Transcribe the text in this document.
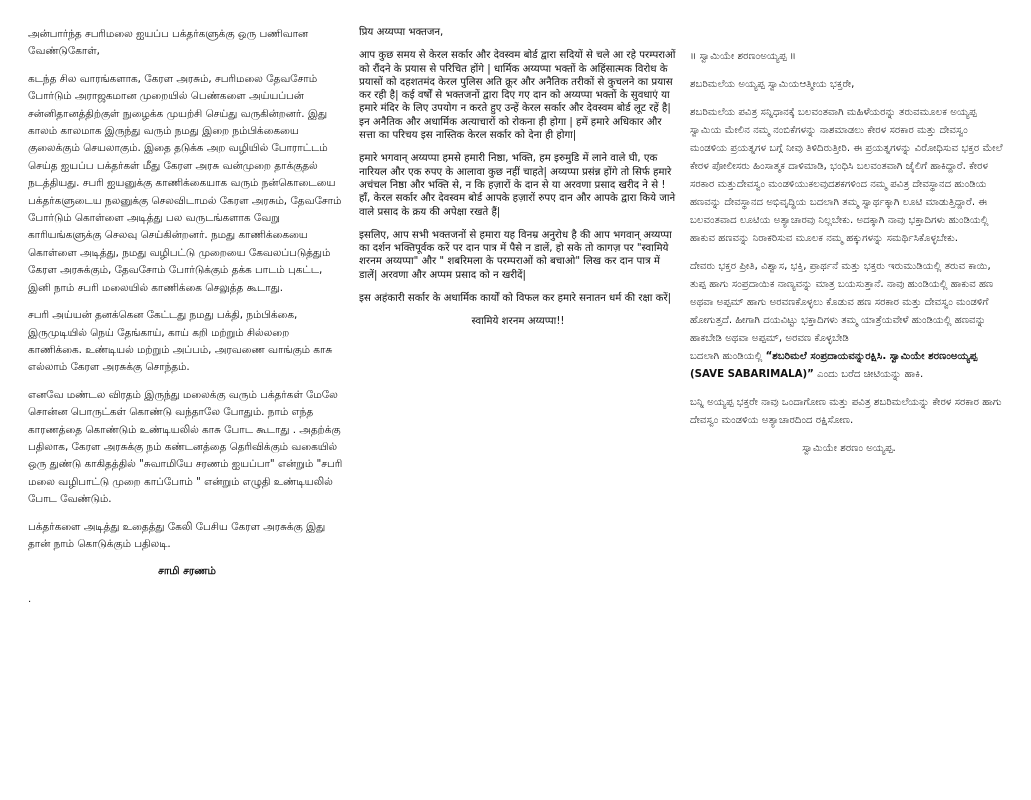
அன்பார்ந்த சபரிமலை ஐயப்ப பக்தர்களுக்கு ஒரு பணிவான வேண்டுகோள்,

கடந்த சில வாரங்களாக, கேரள அரசும், சபரிமலை தேவசோம் போர்டும் அராஜகமான முறையில் பெண்களை அய்யப்பன் சன்னிதானத்திற்குள் நுழைக்க முயற்சி செய்து வருகின்றனர். இது காலம் காலமாக இருந்து வரும் நமது இறை நம்பிக்கையை குலைக்கும் செயலாகும். இதை தடுக்க அற வழியில் போராட்டம் செய்த ஐயப்ப பக்தர்கள் மீது கேரள அரசு வன்முறை தாக்குதல் நடத்தியது. சபரி ஐயனுக்கு காணிக்கையாக வரும் நன்கொடையை பக்தர்களுடைய நலனுக்கு செலவிடாமல் கேரள அரசும், தேவசோம் போர்டும் கொள்ளை அடித்து பல வருடங்களாக வேறு காரியங்களுக்கு செலவு செய்கின்றனர். நமது காணிக்கையை கொள்ளை அடித்து, நமது வழிபட்டு முறையை கேவலப்படுத்தும் கேரள அரசுக்கும், தேவசோம் போர்டுக்கும் தக்க பாடம் புகட்ட, இனி நாம் சபரி மலையில் காணிக்கை செலுத்த கூடாது.

சபரி அய்யன் தனக்கென கேட்டது நமது பக்தி, நம்பிக்கை, இருமுடியில் நெய் தேங்காய், காய் கறி மற்றும் சில்லறை காணிக்கை. உண்டியல் மற்றும் அப்பம், அரவணை வாங்கும் காசு எல்லாம் கேரள அரசுக்கு சொந்தம்.

எனவே மண்டல விரதம் இருந்து மலைக்கு வரும் பக்தர்கள் மேலே சொன்ன பொருட்கள் கொண்டு வந்தாலே போதும். நாம் எந்த காரணத்தை கொண்டும் உண்டியலில் காசு போட கூடாது . அதற்க்கு பதிலாக, கேரள அரசுக்கு நம் கண்டனத்தை தெரிவிக்கும் வகையில் ஒரு துண்டு காகிதத்தில் "சுவாமியே சரணம் ஐயப்பா" என்றும் "சபரி மலை வழிபாட்டு முறை காப்போம் " என்றும் எழுதி உண்டியலில் போட வேண்டும்.

பக்தர்களை அடித்து உதைத்து கேலி பேசிய கேரள அரசுக்கு இது தான் நாம் கொடுக்கும் பதிலடி.

சாமி சரணம்

.

प्रिय अय्यप्पा भक्तजन,

आप कुछ समय से केरल सर्कार और देवस्वम बोर्ड द्वारा सदियों से चले आ रहे परम्पराओं को रौंदने के प्रयास से परिचित होंगे | धार्मिक अय्यप्पा भक्तों के अहिंसात्मक विरोध के प्रयासों को दहशतमंद केरल पुलिस अति क्रूर और अनैतिक तरीकों से कुचलने का प्रयास कर रही है| कई वर्षों से भक्तजनों द्वारा दिए गए दान को अय्यप्पा भक्तों के सुवधाएं या हमारे मंदिर के लिए उपयोग न करते हुए उन्हें केरल सर्कार और देवस्वम बोर्ड लूट रहें है| इन अनैतिक और अधार्मिक अत्याचारों को रोकना ही होगा | हमें हमारे अधिकार और सत्ता का परिचय इस नास्तिक केरल सर्कार को देना ही होगा|

हमारे भगवान् अय्यप्पा हमसे हमारी निष्ठा, भक्ति, हम इरुमुडि में लाने वाले घी, एक नारियल और एक रुपए के आलावा कुछ नहीं चाहते| अय्यप्पा प्रसंन्न होंगे तो सिर्फ हमारे अचंचल निष्ठा और भक्ति से, न कि हज़ारों के दान से या अरवणा प्रसाद खरीद ने से ! हाँ, केरल सर्कार और देवस्वम बोर्ड आपके हज़ारों रुपए दान और आपके द्वारा किये जाने वाले प्रसाद के क्रय की अपेक्षा रखते हैं|

इसलिए, आप सभी भक्तजनों से हमारा यह विनम्र अनुरोध है की आप भगवान् अय्यप्पा का दर्शन भक्तिपूर्वक करें पर दान पात्र में पैसे न डालें, हो सके तो कागज़ पर "स्वामिये शरनम अय्यप्पा" और " शबरिमला के परम्पराओं को बचाओ" लिख कर दान पात्र में डालें| अरवणा और अप्पम प्रसाद को न खरीदें|

इस अहंकारी सर्कार के अधार्मिक कार्यों को विफल कर हमारे सनातन धर्म की रक्षा करें|

स्वामिये शरनम अय्यप्पा!!

॥ ಸ್ವಾಮಿಯೇ ಶರಣಂಅಯ್ಯಪ್ಪ ॥

ಶಬರಿಮಲೆಯ ಅಯ್ಯಪ್ಪ ಸ್ವಾಮಿಯಆತ್ಮೀಯ ಭಕ್ತರೇ,

ಶಬರಿಮಲೆಯ ಪವಿತ್ರ ಸನ್ನಿಧಾನಕ್ಕೆ ಬಲವಂತವಾಗಿ ಮಹಿಳೆಯರನ್ನು ತರುವಮೂಲಕ ಅಯ್ಯಪ್ಪ ಸ್ವಾಮಿಯ ಮೇಲಿನ ನಮ್ಮ ನಂಬಿಕೆಗಳನ್ನು ನಾಶಮಾಡಲು ಕೇರಳ ಸರಕಾರ ಮತ್ತು ದೇವಸ್ವಂ ಮಂಡಳಿಯ ಪ್ರಯತ್ನಗಳ ಬಗ್ಗೆ ನೀವು ತಿಳಿದಿರುತ್ತೀರಿ. ಈ ಪ್ರಯತ್ನಗಳನ್ನು ವಿರೋಧಿಸುವ ಭಕ್ತರ ಮೇಲೆ ಕೇರಳ ಪೋಲೀಸರು ಹಿಂಸಾತ್ಮಕ ದಾಳಿಮಾಡಿ, ಭಂಧಿಸಿ ಬಲವಂತವಾಗಿ ಜೈಲಿಗೆ ಹಾಕಿದ್ದಾರೆ. ಕೇರಳ ಸರಕಾರ ಮತ್ತುದೇವಸ್ವಂ ಮಂಡಳಿಯುಕಲವುದಶಕಗಳಿಂದ ನಮ್ಮ ಪವಿತ್ರ ದೇವಸ್ಥಾನದ ಹುಂಡಿಯ ಹಣವನ್ನು ದೇವಸ್ಥಾನದ ಅಭಿವೃದ್ಧಿಯ ಬದಲಾಗಿ ತಮ್ಮ ಸ್ವಾರ್ಥಕ್ಕಾಗಿ ಲೂಟಿ ಮಾಡುತ್ತಿದ್ದಾರೆ. ಈ ಬಲವಂತವಾದ ಲೂಟಿಯ ಅತ್ಯಾಚಾರವು ನಿಲ್ಲಬೇಕು. ಅದಕ್ಕಾಗಿ ನಾವು ಭಕ್ತಾದಿಗಳು ಹುಂಡಿಯಲ್ಲಿ ಹಾಕುವ ಹಣವನ್ನು ನಿರಾಕರಿಸುವ ಮೂಲಕ ನಮ್ಮ ಹಕ್ಕುಗಳನ್ನು ಸಮರ್ಥಿಸಿಕೊಳ್ಳಬೇಕು.

ದೇವರು ಭಕ್ತರ ಪ್ರೀತಿ, ವಿಶ್ವಾಸ, ಭಕ್ತಿ, ಪ್ರಾರ್ಥನೆ ಮತ್ತು ಭಕ್ತರು ಇರುಮುಡಿಯಲ್ಲಿ ತರುವ ಕಾಯಿ, ತುಪ್ಪ ಹಾಗು ಸಂಪ್ರದಾಯಿಕ ನಾಣ್ಯವನ್ನು ಮಾತ್ರ ಬಯಸುತ್ತಾನೆ. ನಾವು ಹುಂಡಿಯಲ್ಲಿ ಹಾಕುವ ಹಣ ಅಥವಾ ಅಪ್ಪಮ್ ಹಾಗು ಅರವಣಕೊಳ್ಳಲು ಕೊಡುವ ಹಣ ಸರಕಾರ ಮತ್ತು ದೇವಸ್ವಂ ಮಂಡಳಿಗೆ ಹೋಗುತ್ತದೆ. ಹೀಗಾಗಿ ದಯವಿಟ್ಟು ಭಕ್ತಾದಿಗಳು ತಮ್ಮ ಯಾತ್ರೆಯವೇಳೆ ಹುಂಡಿಯಲ್ಲಿ ಹಣವನ್ನು ಹಾಕಬೇಡಿ ಅಥವಾ ಅಪ್ಪಮ್, ಅರವಣ ಕೊಳ್ಳಬೇಡಿ

ಬದಲಾಗಿ ಹುಂಡಿಯಲ್ಲಿ “ಶಬರಿಮಲೆ ಸಂಪ್ರದಾಯವನ್ನುರಕ್ಷಿಸಿ. ಸ್ವಾಮಿಯೇ ಶರಣಂಅಯ್ಯಪ್ಪ (SAVE SABARIMALA)” ಎಂದು ಬರೆದ ಚೀಟಿಯನ್ನು ಹಾಕಿ.

ಬನ್ನಿ ಅಯ್ಯಪ್ಪ ಭಕ್ತರೇ ನಾವು ಒಂದಾಗೋಣ ಮತ್ತು ಪವಿತ್ರ ಶಬರಿಮಲೆಯನ್ನು ಕೇರಳ ಸರಕಾರ ಹಾಗು ದೇವಸ್ವಂ ಮಂಡಳಿಯ ಅತ್ಯಾಚಾರದಿಂದ ರಕ್ಷಿಸೋಣ.

ಸ್ವಾಮಿಯೇ ಶರಣಂ ಅಯ್ಯಪ್ಪ.
